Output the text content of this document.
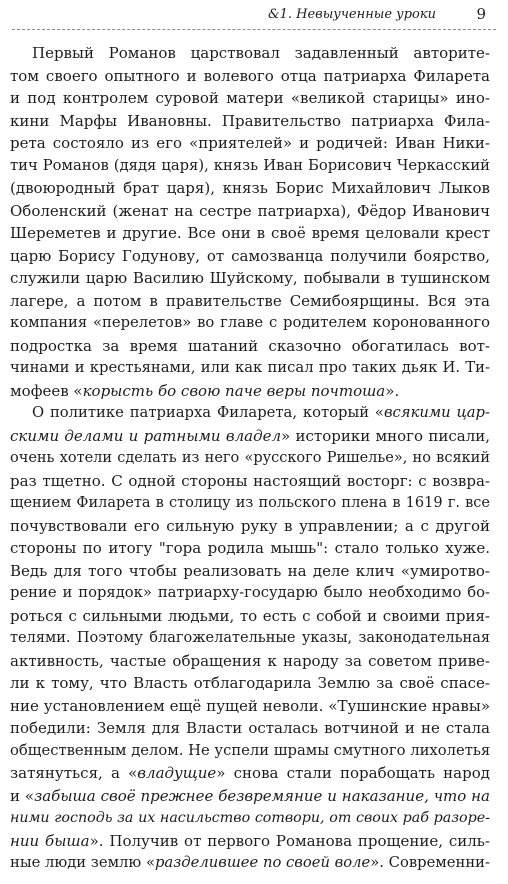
&1. Невыученные уроки	9
Первый Романов царствовал задавленный авторите-
том своего опытного и волевого отца патриарха Филарета
и под контролем суровой матери «великой старицы» ино-
кини Марфы Ивановны. Правительство патриарха Фила-
рета состояло из его «приятелей» и родичей: Иван Ники-
тич Романов (дядя царя), князь Иван Борисович Черкасский
(двоюродный брат царя), князь Борис Михайлович Лыков
Оболенский (женат на сестре патриарха), Фёдор Иванович
Шереметев и другие. Все они в своё время целовали крест
царю Борису Годунову, от самозванца получили боярство,
служили царю Василию Шуйскому, побывали в тушинском
лагере, а потом в правительстве Семибоярщины. Вся эта
компания «перелетов» во главе с родителем коронованного
подростка за время шатаний сказочно обогатилась вот-
чинами и крестьянами, или как писал про таких дьяк И. Ти-
мофеев «корысть бо свою паче веры почтоша».
О политике патриарха Филарета, который «всякими цар-
скими делами и ратными владел» историки много писали,
очень хотели сделать из него «русского Ришелье», но всякий
раз тщетно. С одной стороны настоящий восторг: с возвра-
щением Филарета в столицу из польского плена в 1619 г. все
почувствовали его сильную руку в управлении; а с другой
стороны по итогу "гора родила мышь": стало только хуже.
Ведь для того чтобы реализовать на деле клич «умиротво-
рение и порядок» патриарху-государю было необходимо бо-
роться с сильными людьми, то есть с собой и своими прия-
телями. Поэтому благожелательные указы, законодательная
активность, частые обращения к народу за советом приве-
ли к тому, что Власть отблагодарила Землю за своё спасе-
ние установлением ещё пущей неволи. «Тушинские нравы»
победили: Земля для Власти осталась вотчиной и не стала
общественным делом. Не успели шрамы смутного лихолетья
затянуться, а «владущие» снова стали порабощать народ
и «забыша своё прежнее безвремяние и наказание, что на
ними господь за их насильство сотвори, от своих раб разоре-
нии быша». Получив от первого Романова прощение, силь-
ные люди землю «разделившее по своей воле». Современни-
